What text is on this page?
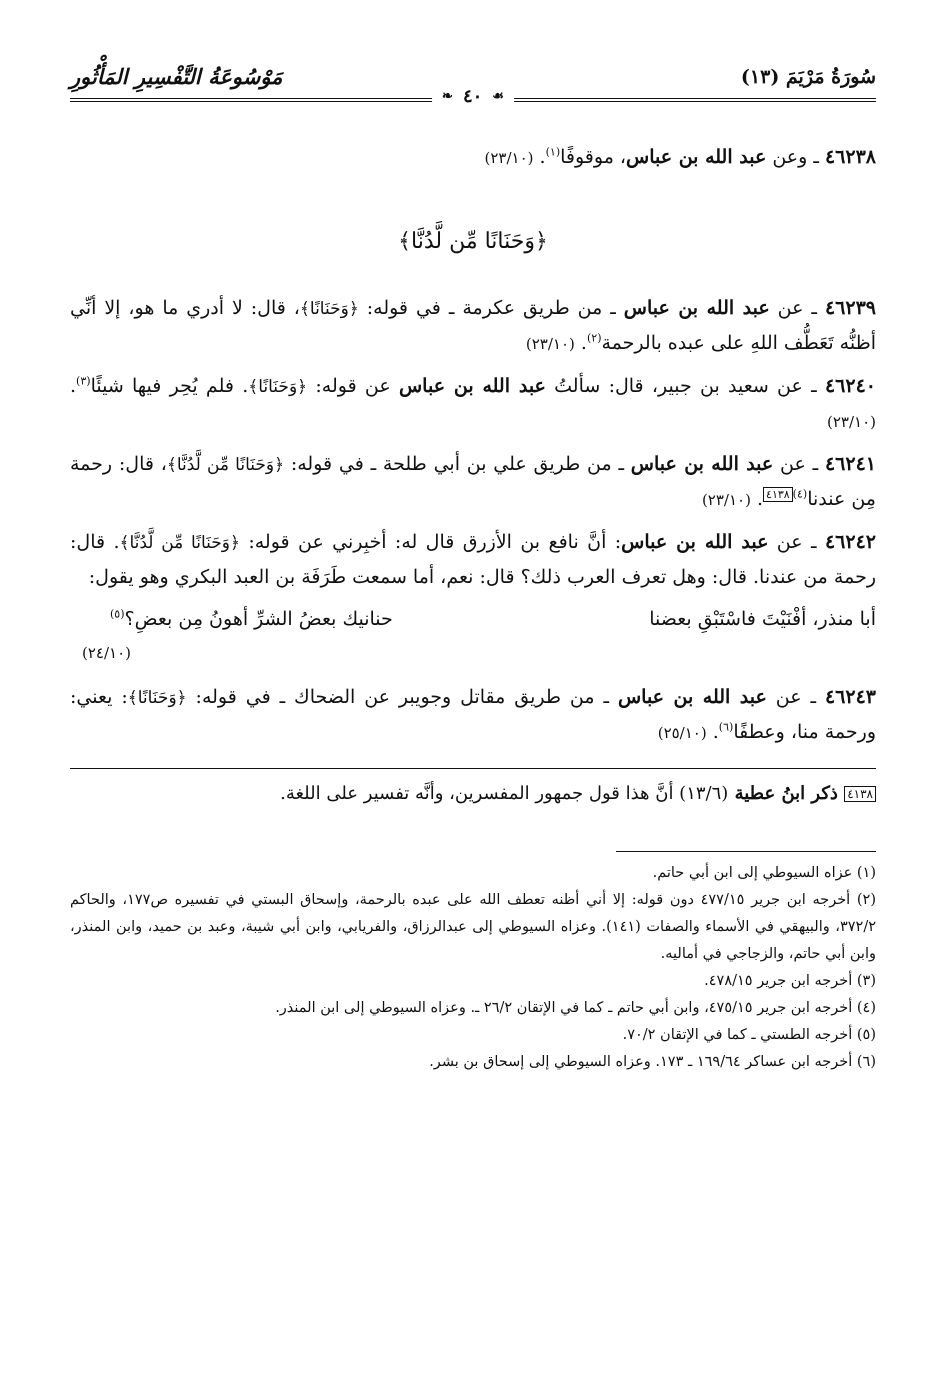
سُورَةُ مَرْيَمَ (١٣)
مَوْسُوعَةُ التَّفْسِيرِ المَأْثُورِ
☙
٤٠
❧

٤٦٢٣٨ ـ وعن عبد الله بن عباس، موقوفًا$^{(١)}$. (٢٣/١٠)

﴿وَحَنَانًا مِّن لَّدُنَّا﴾

٤٦٢٣٩ ـ عن عبد الله بن عباس ـ من طريق عكرمة ـ في قوله: ﴿وَحَنَانًا﴾، قال: لا أدري ما هو، إلا أنِّي أظنُّه تَعَطُّف اللهِ على عبده بالرحمة$^{(٢)}$. (٢٣/١٠)

٤٦٢٤٠ ـ عن سعيد بن جبير، قال: سألتُ عبد الله بن عباس عن قوله: ﴿وَحَنَانًا﴾. فلم يُحِر فيها شيئًا$^{(٣)}$. (٢٣/١٠)

٤٦٢٤١ ـ عن عبد الله بن عباس ـ من طريق علي بن أبي طلحة ـ في قوله: ﴿وَحَنَانًا مِّن لَّدُنَّا﴾، قال: رحمة مِن عندنا$^{(٤)٤١٣٨}$. (٢٣/١٠)

٤٦٢٤٢ ـ عن عبد الله بن عباس: أنَّ نافع بن الأزرق قال له: أخبِرني عن قوله: ﴿وَحَنَانًا مِّن لَّدُنَّا﴾. قال: رحمة من عندنا. قال: وهل تعرف العرب ذلك؟ قال: نعم، أما سمعت طَرَفَة بن العبد البكري وهو يقول:

أبا منذر، أفْنَيْتَ فاسْتَبْقِ بعضنا
حنانيك بعضُ الشرِّ أهونُ مِن بعضِ؟$^{(٥)}$

(٢٤/١٠)

٤٦٢٤٣ ـ عن عبد الله بن عباس ـ من طريق مقاتل وجويبر عن الضحاك ـ في قوله: ﴿وَحَنَانًا﴾: يعني: ورحمة منا، وعطفًا$^{(٦)}$. (٢٥/١٠)

٤١٣٨ ذكر ابنُ عطية (١٣/٦) أنَّ هذا قول جمهور المفسرين، وأنَّه تفسير على اللغة.

(١) عزاه السيوطي إلى ابن أبي حاتم.

(٢) أخرجه ابن جرير ٤٧٧/١٥ دون قوله: إلا أني أظنه تعطف الله على عبده بالرحمة، وإسحاق البستي في تفسيره ص١٧٧، والحاكم ٣٧٢/٢، والبيهقي في الأسماء والصفات (١٤١). وعزاه السيوطي إلى عبدالرزاق، والفريابي، وابن أبي شيبة، وعبد بن حميد، وابن المنذر، وابن أبي حاتم، والزجاجي في أماليه.

(٣) أخرجه ابن جرير ٤٧٨/١٥.

(٤) أخرجه ابن جرير ٤٧٥/١٥، وابن أبي حاتم ـ كما في الإتقان ٢٦/٢ ـ. وعزاه السيوطي إلى ابن المنذر.

(٥) أخرجه الطستي ـ كما في الإتقان ٧٠/٢.

(٦) أخرجه ابن عساكر ١٦٩/٦٤ ـ ١٧٣. وعزاه السيوطي إلى إسحاق بن بشر.
